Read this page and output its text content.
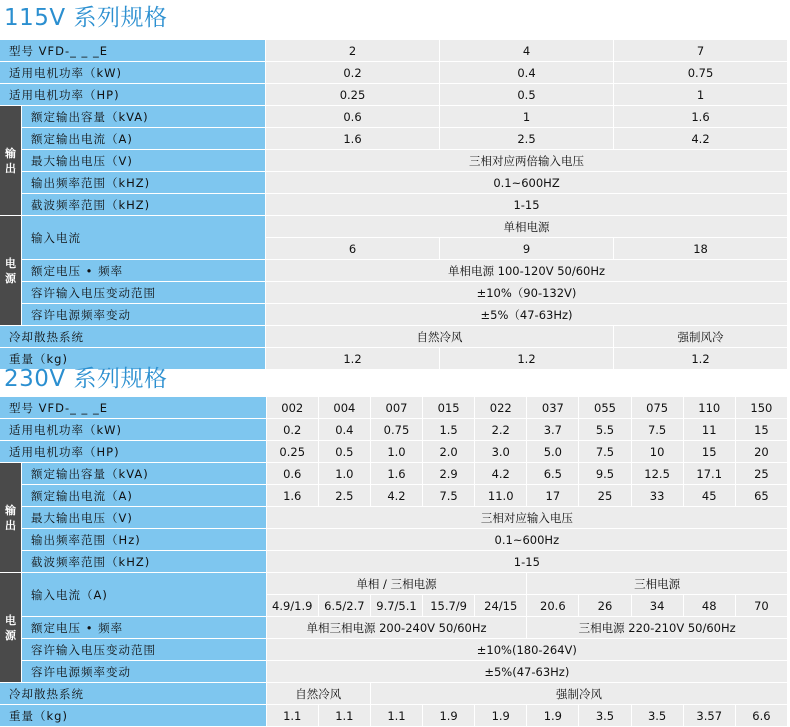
115V 系列规格
型号 VFD-_ _ _E		2	4	7
适用电机功率（kW)		0.2	0.4	0.75
适用电机功率（HP)		0.25	0.5	1
输
出	额定输出容量（kVA)	0.6	1	1.6
	额定输出电流（A)	1.6	2.5	4.2
	最大输出电压（V)	三相对应两倍输入电压		
	输出频率范围（kHZ)	0.1~600HZ		
	截波频率范围（kHZ)	1-15		
电
源	输入电流	单相电源		
		6	9	18
	额定电压 • 频率	单相电源 100-120V 50/60Hz		
	容许输入电压变动范围	±10%（90-132V)		
	容许电源频率变动	±5%（47-63Hz)		
冷却散热系统		自然冷风		强制风冷
重量（kg)		1.2	1.2	1.2
230V 系列规格
型号 VFD-_ _ _E		002	004	007	015	022	037	055	075	110	150
适用电机功率（kW)		0.2	0.4	0.75	1.5	2.2	3.7	5.5	7.5	11	15
适用电机功率（HP)		0.25	0.5	1.0	2.0	3.0	5.0	7.5	10	15	20
输
出	额定输出容量（kVA)	0.6	1.0	1.6	2.9	4.2	6.5	9.5	12.5	17.1	25
	额定输出电流（A)	1.6	2.5	4.2	7.5	11.0	17	25	33	45	65
	最大输出电压（V)	三相对应输入电压									
	输出频率范围（Hz)	0.1~600Hz									
	截波频率范围（kHZ)	1-15									
电
源	输入电流（A)	单相 / 三相电源					三相电源				
		4.9/1.9	6.5/2.7	9.7/5.1	15.7/9	24/15	20.6	26	34	48	70
	额定电压 • 频率	单相三相电源 200-240V 50/60Hz					三相电源 220-210V 50/60Hz				
	容许输入电压变动范围	±10%(180-264V)									
	容许电源频率变动	±5%(47-63Hz)									
冷却散热系统		自然冷风		强制冷风							
重量（kg)		1.1	1.1	1.1	1.9	1.9	1.9	3.5	3.5	3.57	6.6
